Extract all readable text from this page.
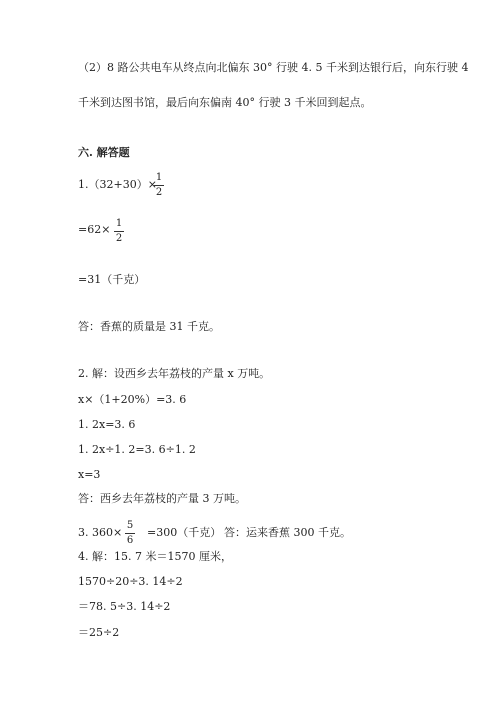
（2）8 路公共电车从终点向北偏东 30° 行驶 4. 5 千米到达银行后，向东行驶 4
千米到达图书馆，最后向东偏南 40° 行驶 3 千米回到起点。
六. 解答题
1.（32+30）×
1
2
=62× 1
2
=31（千克）
答：香蕉的质量是 31 千克。
2. 解：设西乡去年荔枝的产量 x 万吨。
x×（1+20%）=3. 6
1. 2x=3. 6
1. 2x÷1. 2=3. 6÷1. 2
x=3
答：西乡去年荔枝的产量 3 万吨。
3. 360×
5
6
=300（千克） 答：运来香蕉 300 千克。
4. 解：15. 7 米＝1570 厘米，
1570÷20÷3. 14÷2
＝78. 5÷3. 14÷2
＝25÷2
